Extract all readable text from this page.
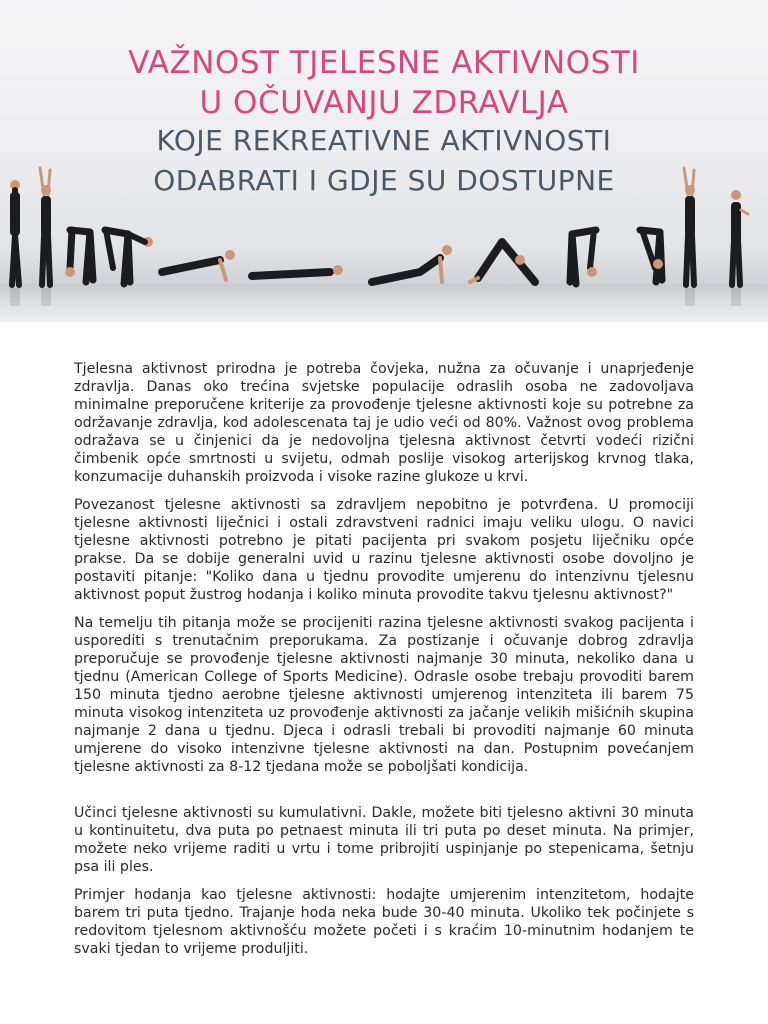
VAŽNOST TJELESNE AKTIVNOSTI
U OČUVANJU ZDRAVLJA
KOJE REKREATIVNE AKTIVNOSTI
ODABRATI I GDJE SU DOSTUPNE

Tjelesna aktivnost prirodna je potreba čovjeka, nužna za očuvanje i unaprjeđenje zdravlja. Danas oko trećina svjetske populacije odraslih osoba ne zadovoljava minimalne preporučene kriterije za provođenje tjelesne aktivnosti koje su potrebne za održavanje zdravlja, kod adolescenata taj je udio veći od 80%. Važnost ovog problema odražava se u činjenici da je nedovoljna tjelesna aktivnost četvrti vodeći rizični čimbenik opće smrtnosti u svijetu, odmah poslije visokog arterijskog krvnog tlaka, konzumacije duhanskih proizvoda i visoke razine glukoze u krvi.

Povezanost tjelesne aktivnosti sa zdravljem nepobitno je potvrđena. U promociji tjelesne aktivnosti liječnici i ostali zdravstveni radnici imaju veliku ulogu. O navici tjelesne aktivnosti potrebno je pitati pacijenta pri svakom posjetu liječniku opće prakse. Da se dobije generalni uvid u razinu tjelesne aktivnosti osobe dovoljno je postaviti pitanje: "Koliko dana u tjednu provodite umjerenu do intenzivnu tjelesnu aktivnost poput žustrog hodanja i koliko minuta provodite takvu tjelesnu aktivnost?"

Na temelju tih pitanja može se procijeniti razina tjelesne aktivnosti svakog pacijenta i usporediti s trenutačnim preporukama. Za postizanje i očuvanje dobrog zdravlja preporučuje se provođenje tjelesne aktivnosti najmanje 30 minuta, nekoliko dana u tjednu (American College of Sports Medicine). Odrasle osobe trebaju provoditi barem 150 minuta tjedno aerobne tjelesne aktivnosti umjerenog intenziteta ili barem 75 minuta visokog intenziteta uz provođenje aktivnosti za jačanje velikih mišićnih skupina najmanje 2 dana u tjednu. Djeca i odrasli trebali bi provoditi najmanje 60 minuta umjerene do visoko intenzivne tjelesne aktivnosti na dan. Postupnim povećanjem tjelesne aktivnosti za 8-12 tjedana može se poboljšati kondicija.

Učinci tjelesne aktivnosti su kumulativni. Dakle, možete biti tjelesno aktivni 30 minuta u kontinuitetu, dva puta po petnaest minuta ili tri puta po deset minuta. Na primjer, možete neko vrijeme raditi u vrtu i tome pribrojiti uspinjanje po stepenicama, šetnju psa ili ples.

Primjer hodanja kao tjelesne aktivnosti: hodajte umjerenim intenzitetom, hodajte barem tri puta tjedno. Trajanje hoda neka bude 30-40 minuta. Ukoliko tek počinjete s redovitom tjelesnom aktivnošću možete početi i s kraćim 10-minutnim hodanjem te svaki tjedan to vrijeme produljiti.
